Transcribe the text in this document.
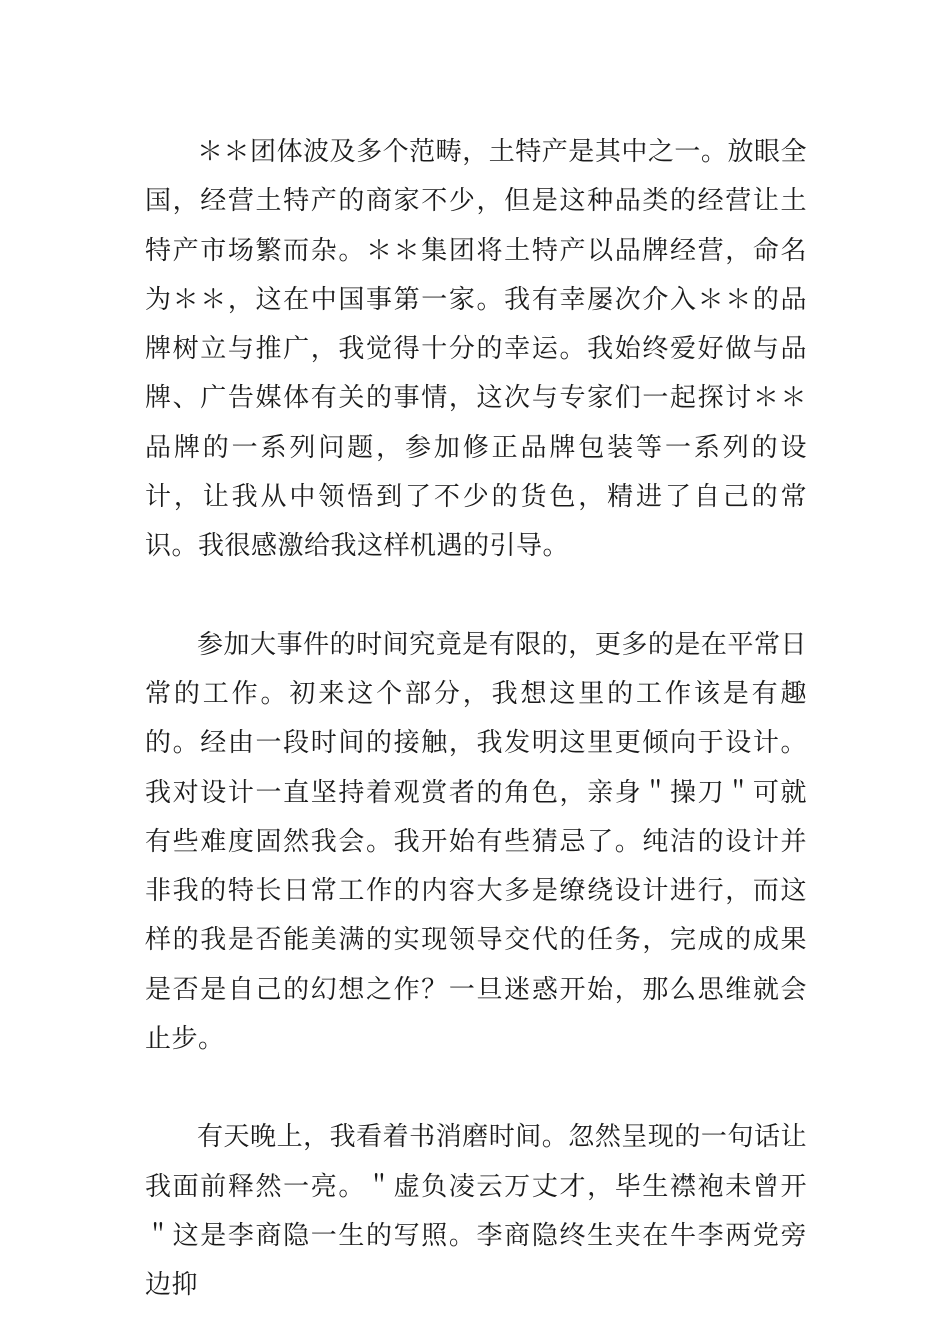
＊＊团体波及多个范畴，土特产是其中之一。放眼全国，经营土特产的商家不少，但是这种品类的经营让土特产市场繁而杂。＊＊集团将土特产以品牌经营，命名为＊＊，这在中国事第一家。我有幸屡次介入＊＊的品牌树立与推广，我觉得十分的幸运。我始终爱好做与品牌、广告媒体有关的事情，这次与专家们一起探讨＊＊品牌的一系列问题，参加修正品牌包装等一系列的设计，让我从中领悟到了不少的货色，精进了自己的常识。我很感激给我这样机遇的引导。

参加大事件的时间究竟是有限的，更多的是在平常日常的工作。初来这个部分，我想这里的工作该是有趣的。经由一段时间的接触，我发明这里更倾向于设计。我对设计一直坚持着观赏者的角色，亲身＂操刀＂可就有些难度固然我会。我开始有些猜忌了。纯洁的设计并非我的特长日常工作的内容大多是缭绕设计进行，而这样的我是否能美满的实现领导交代的任务，完成的成果是否是自己的幻想之作？一旦迷惑开始，那么思维就会止步。

有天晚上，我看着书消磨时间。忽然呈现的一句话让我面前释然一亮。＂虚负凌云万丈才，毕生襟袍未曾开＂这是李商隐一生的写照。李商隐终生夹在牛李两党旁边抑
